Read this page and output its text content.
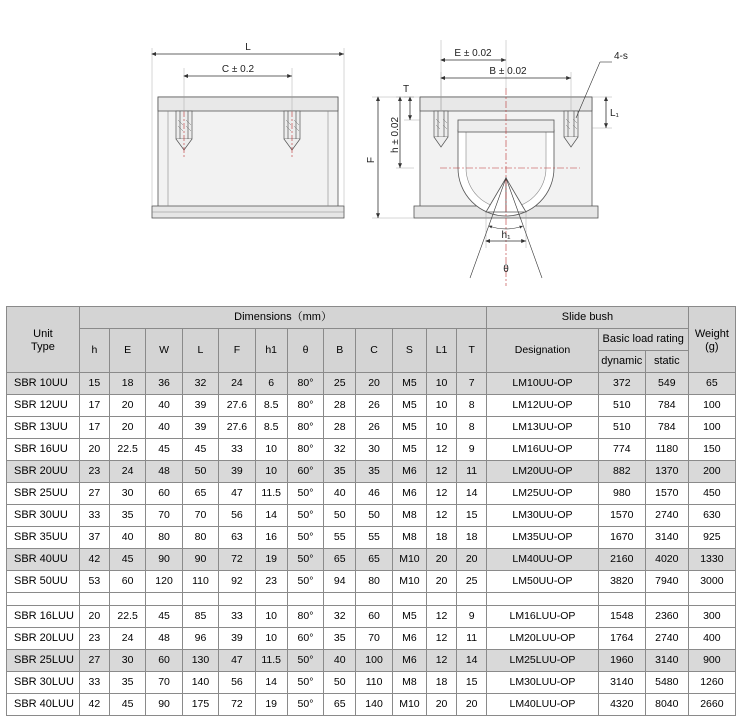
L
C ± 0.2
E ± 0.02
B ± 0.02
4-s
T
L₁
h ± 0.02
F
h₁
θ
Unit
Type	Dimensions（mm）												Slide bush			Weight
(g)

	h	E	W	L	F	h1	θ	B	C	S	L1	T	Designation	Basic load rating		
														dynamic	static	
SBR 10UU	15	18	36	32	24	6	80°	25	20	M5	10	7	LM10UU-OP	372	549	65
SBR 12UU	17	20	40	39	27.6	8.5	80°	28	26	M5	10	8	LM12UU-OP	510	784	100
SBR 13UU	17	20	40	39	27.6	8.5	80°	28	26	M5	10	8	LM13UU-OP	510	784	100
SBR 16UU	20	22.5	45	45	33	10	80°	32	30	M5	12	9	LM16UU-OP	774	1180	150
SBR 20UU	23	24	48	50	39	10	60°	35	35	M6	12	11	LM20UU-OP	882	1370	200
SBR 25UU	27	30	60	65	47	11.5	50°	40	46	M6	12	14	LM25UU-OP	980	1570	450
SBR 30UU	33	35	70	70	56	14	50°	50	50	M8	12	15	LM30UU-OP	1570	2740	630
SBR 35UU	37	40	80	80	63	16	50°	55	55	M8	18	18	LM35UU-OP	1670	3140	925
SBR 40UU	42	45	90	90	72	19	50°	65	65	M10	20	20	LM40UU-OP	2160	4020	1330
SBR 50UU	53	60	120	110	92	23	50°	94	80	M10	20	25	LM50UU-OP	3820	7940	3000

SBR 16LUU	20	22.5	45	85	33	10	80°	32	60	M5	12	9	LM16LUU-OP	1548	2360	300
SBR 20LUU	23	24	48	96	39	10	60°	35	70	M6	12	11	LM20LUU-OP	1764	2740	400
SBR 25LUU	27	30	60	130	47	11.5	50°	40	100	M6	12	14	LM25LUU-OP	1960	3140	900
SBR 30LUU	33	35	70	140	56	14	50°	50	110	M8	18	15	LM30LUU-OP	3140	5480	1260
SBR 40LUU	42	45	90	175	72	19	50°	65	140	M10	20	20	LM40LUU-OP	4320	8040	2660
